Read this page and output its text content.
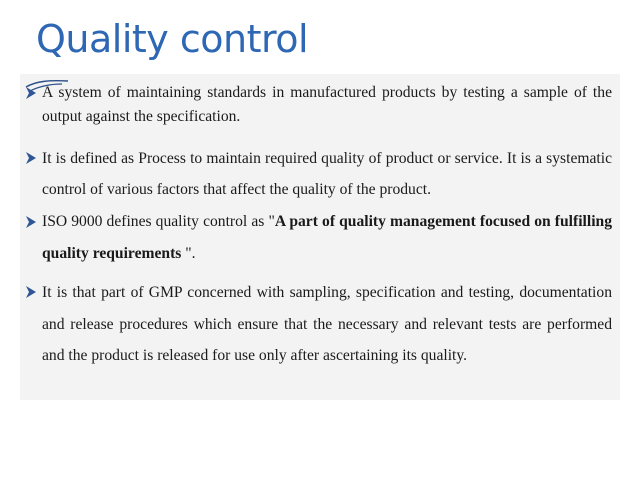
Quality control

A system of maintaining standards in manufactured products by testing a sample of the output against the specification.

It is defined as Process to maintain required quality of product or service. It is a systematic control of various factors that affect the quality of the product.

ISO 9000 defines quality control as "A part of quality management focused on fulfilling quality requirements ".

It is that part of GMP concerned with sampling, specification and testing, documentation and release procedures which ensure that the necessary and relevant tests are performed and the product is released for use only after ascertaining its quality.
